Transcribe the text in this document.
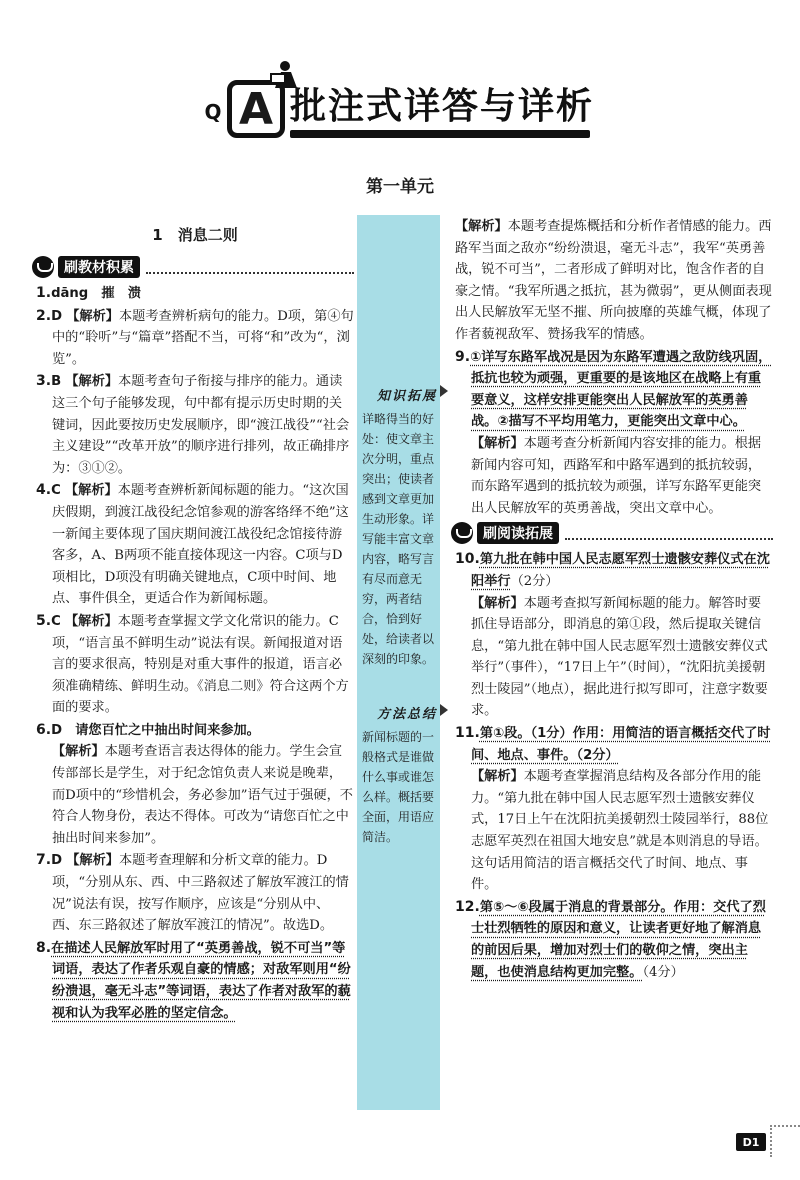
Q A 批注式详答与详析
第一单元
知识拓展
详略得当的好处：使文章主次分明，重点突出；使读者感到文章更加生动形象。详写能丰富文章内容，略写言有尽而意无穷，两者结合，恰到好处，给读者以深刻的印象。
方法总结
新闻标题的一般格式是谁做什么事或谁怎么样。概括要全面，用语应简洁。
1　消息二则
刷教材积累
1.dāng　摧　溃
2.D 【解析】本题考查辨析病句的能力。D项，第④句中的“聆听”与“篇章”搭配不当，可将“和”改为“，浏览”。
3.B 【解析】本题考查句子衔接与排序的能力。通读这三个句子能够发现，句中都有提示历史时期的关键词，因此要按历史发展顺序，即“渡江战役”“社会主义建设”“改革开放”的顺序进行排列，故正确排序为：③①②。
4.C 【解析】本题考查辨析新闻标题的能力。“这次国庆假期，到渡江战役纪念馆参观的游客络绎不绝”这一新闻主要体现了国庆期间渡江战役纪念馆接待游客多，A、B两项不能直接体现这一内容。C项与D项相比，D项没有明确关键地点，C项中时间、地点、事件俱全，更适合作为新闻标题。
5.C 【解析】本题考查掌握文学文化常识的能力。C项，“语言虽不鲜明生动”说法有误。新闻报道对语言的要求很高，特别是对重大事件的报道，语言必须准确精练、鲜明生动。《消息二则》符合这两个方面的要求。
6.D　请您百忙之中抽出时间来参加。
【解析】本题考查语言表达得体的能力。学生会宣传部部长是学生，对于纪念馆负责人来说是晚辈，而D项中的“珍惜机会，务必参加”语气过于强硬，不符合人物身份，表达不得体。可改为“请您百忙之中抽出时间来参加”。
7.D 【解析】本题考查理解和分析文章的能力。D项，“分别从东、西、中三路叙述了解放军渡江的情况”说法有误，按写作顺序，应该是“分别从中、西、东三路叙述了解放军渡江的情况”。故选D。
8.在描述人民解放军时用了“英勇善战，锐不可当”等词语，表达了作者乐观自豪的情感；对敌军则用“纷纷溃退，毫无斗志”等词语，表达了作者对敌军的藐视和认为我军必胜的坚定信念。
【解析】本题考查提炼概括和分析作者情感的能力。西路军当面之敌亦“纷纷溃退，毫无斗志”，我军“英勇善战，锐不可当”，二者形成了鲜明对比，饱含作者的自豪之情。“我军所遇之抵抗，甚为微弱”，更从侧面表现出人民解放军无坚不摧、所向披靡的英雄气概，体现了作者藐视敌军、赞扬我军的情感。
9.①详写东路军战况是因为东路军遭遇之敌防线巩固，抵抗也较为顽强，更重要的是该地区在战略上有重要意义，这样安排更能突出人民解放军的英勇善战。②描写不平均用笔力，更能突出文章中心。
【解析】本题考查分析新闻内容安排的能力。根据新闻内容可知，西路军和中路军遇到的抵抗较弱，而东路军遇到的抵抗较为顽强，详写东路军更能突出人民解放军的英勇善战，突出文章中心。
刷阅读拓展
10.第九批在韩中国人民志愿军烈士遗骸安葬仪式在沈阳举行（2分）
【解析】本题考查拟写新闻标题的能力。解答时要抓住导语部分，即消息的第①段，然后提取关键信息，“第九批在韩中国人民志愿军烈士遗骸安葬仪式举行”（事件），“17日上午”（时间），“沈阳抗美援朝烈士陵园”（地点），据此进行拟写即可，注意字数要求。
11.第①段。（1分）作用：用简洁的语言概括交代了时间、地点、事件。（2分）
【解析】本题考查掌握消息结构及各部分作用的能力。“第九批在韩中国人民志愿军烈士遗骸安葬仪式，17日上午在沈阳抗美援朝烈士陵园举行，88位志愿军英烈在祖国大地安息”就是本则消息的导语。这句话用简洁的语言概括交代了时间、地点、事件。
12.第⑤～⑥段属于消息的背景部分。作用：交代了烈士壮烈牺牲的原因和意义，让读者更好地了解消息的前因后果，增加对烈士们的敬仰之情，突出主题，也使消息结构更加完整。（4分）
D1
